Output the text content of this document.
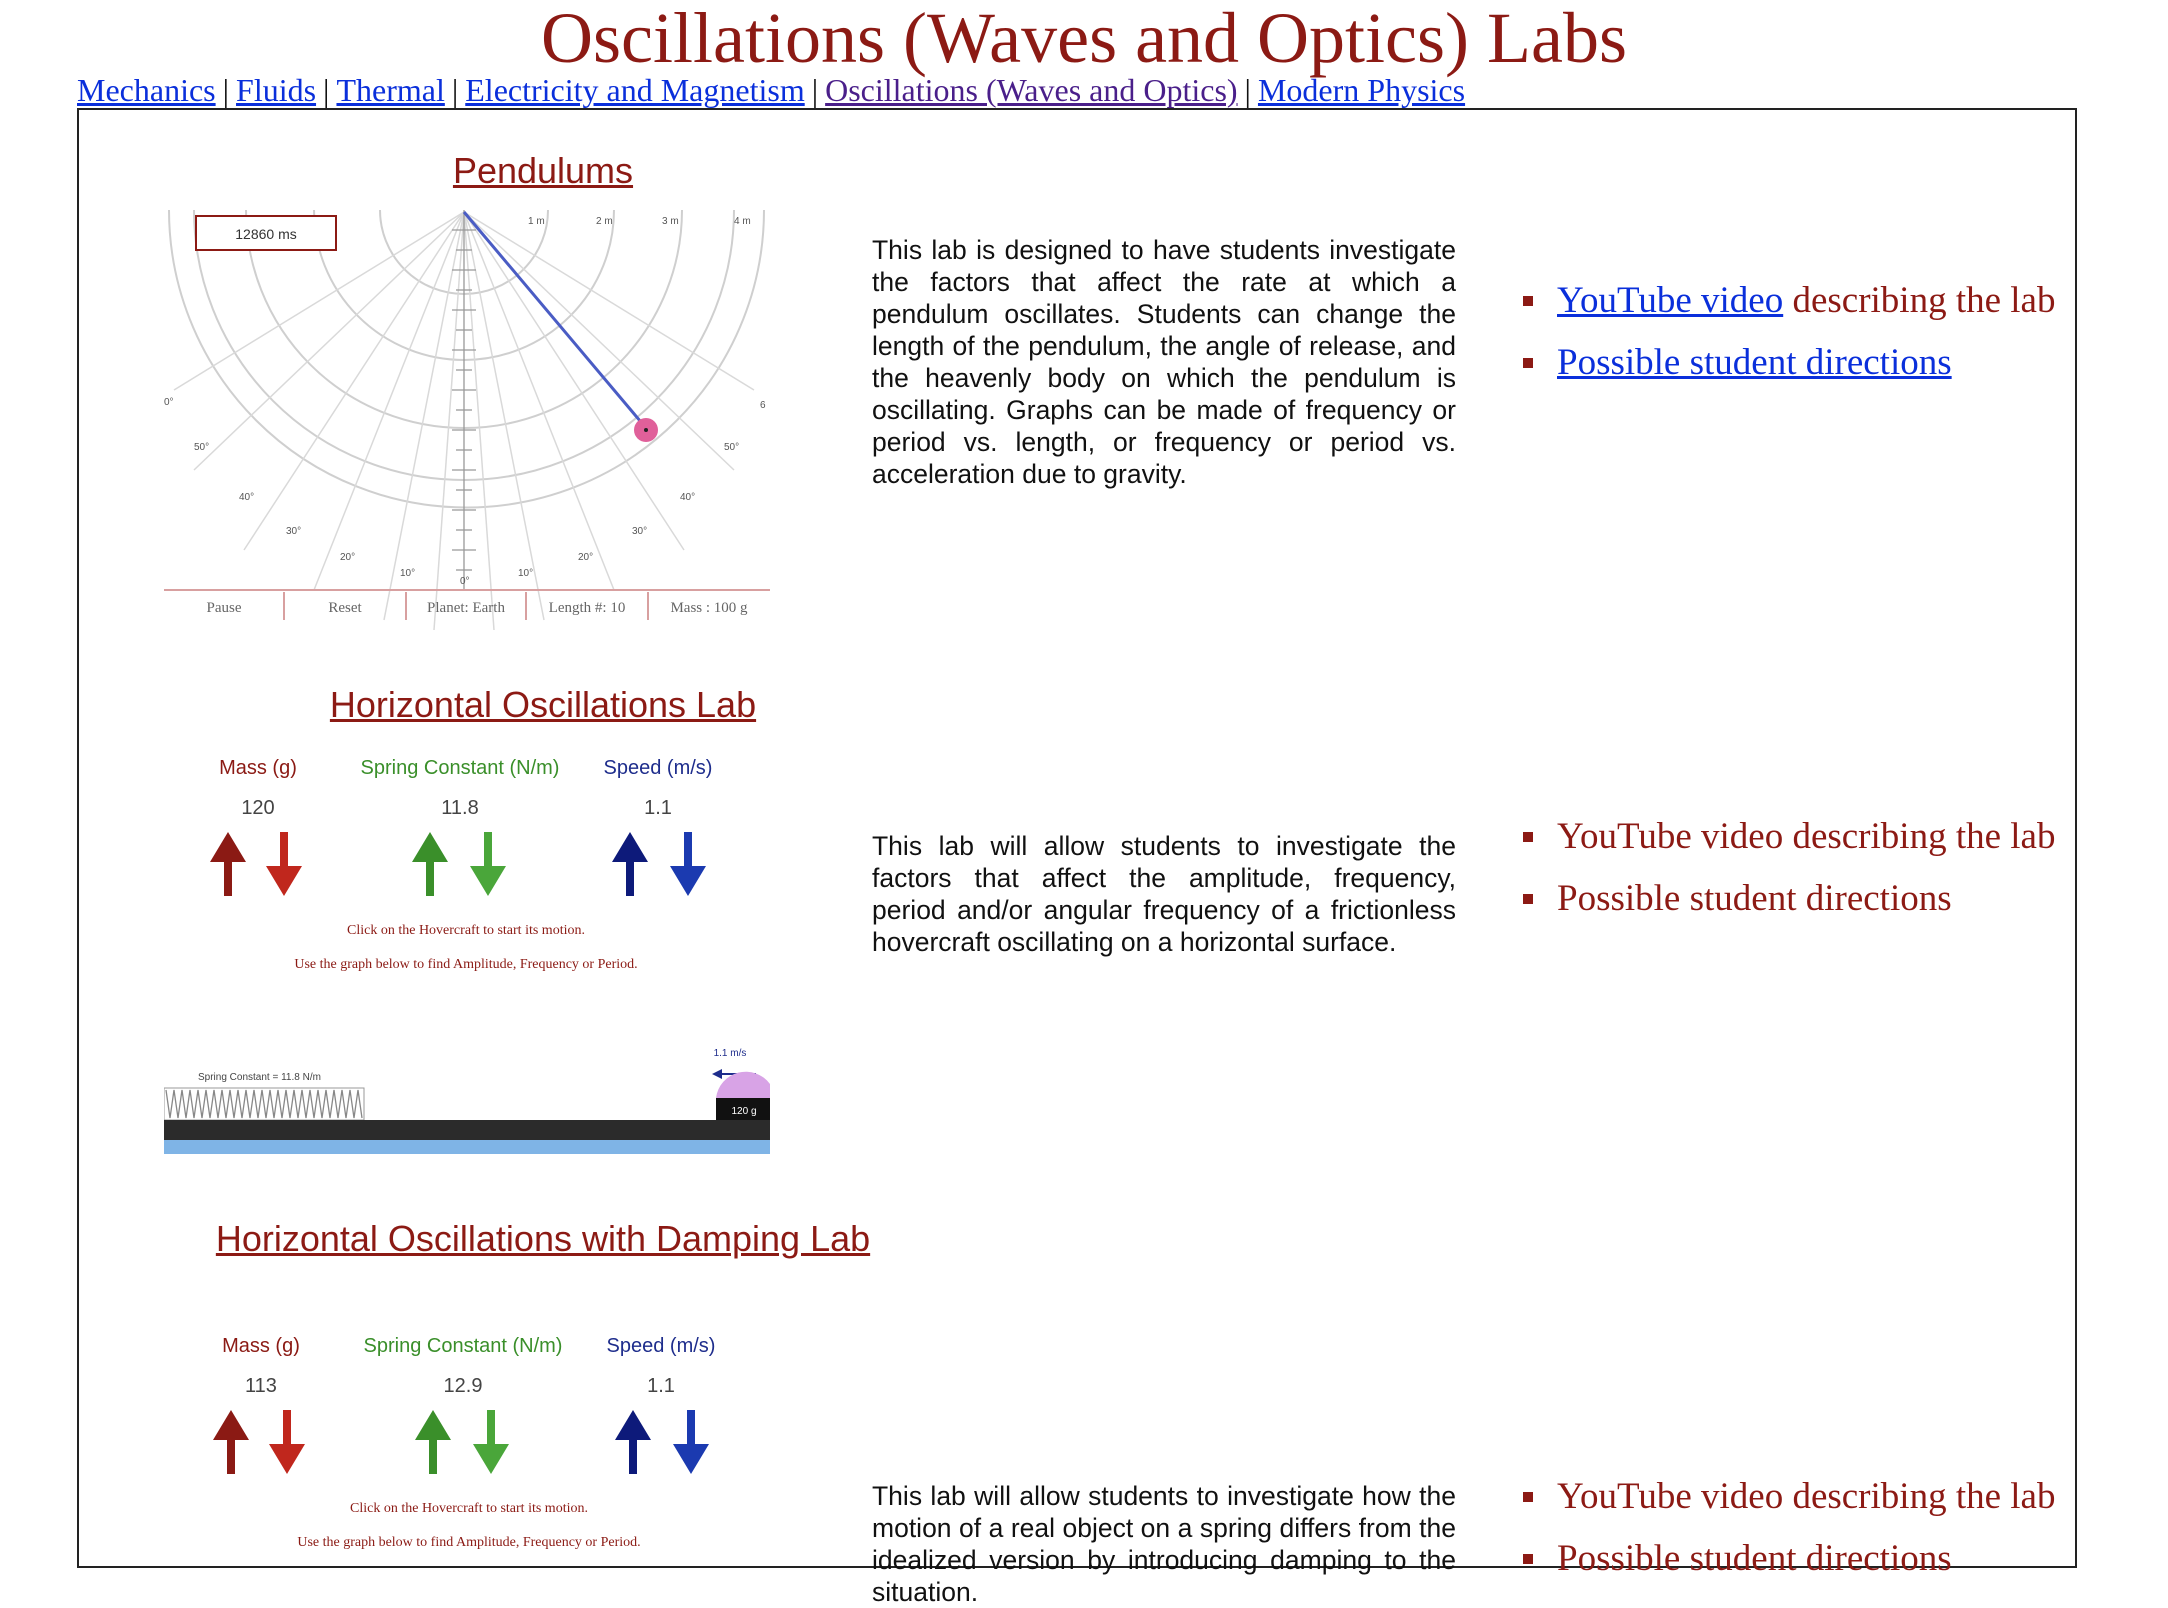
Oscillations (Waves and Optics) Labs
Mechanics | Fluids | Thermal | Electricity and Magnetism | Oscillations (Waves and Optics) | Modern Physics
Pendulums
12860 ms
1 m	2 m	3 m	4 m
50°
40°
30°
20°
10°
0°
10°
20°
30°
40°
50°
0°	6
Pause	Reset	Planet: Earth	Length #: 10	Mass : 100 g

This lab is designed to have students investigate the factors that affect the rate at which a pendulum oscillates. Students can change the length of the pendulum, the angle of release, and the heavenly body on which the pendulum is oscillating. Graphs can be made of frequency or period vs. length, or frequency or period vs. acceleration due to gravity.

YouTube video describing the lab
Possible student directions
Horizontal Oscillations Lab
Mass (g)	Spring Constant (N/m) Speed (m/s)
120	11.8	1.1
Click on the Hovercraft to start its motion.
Use the graph below to find Amplitude, Frequency or Period.
1.1 m/s
Spring Constant = 11.8 N/m
120 g

This lab will allow students to investigate the factors that affect the amplitude, frequency, period and/or angular frequency of a frictionless hovercraft oscillating on a horizontal surface.

YouTube video describing the lab
Possible student directions
Horizontal Oscillations with Damping Lab
Mass (g)	Spring Constant (N/m) Speed (m/s)
113	12.9	1.1
Click on the Hovercraft to start its motion.
Use the graph below to find Amplitude, Frequency or Period.

This lab will allow students to investigate how the motion of a real object on a spring differs from the idealized version by introducing damping to the situation.

YouTube video describing the lab
Possible student directions
